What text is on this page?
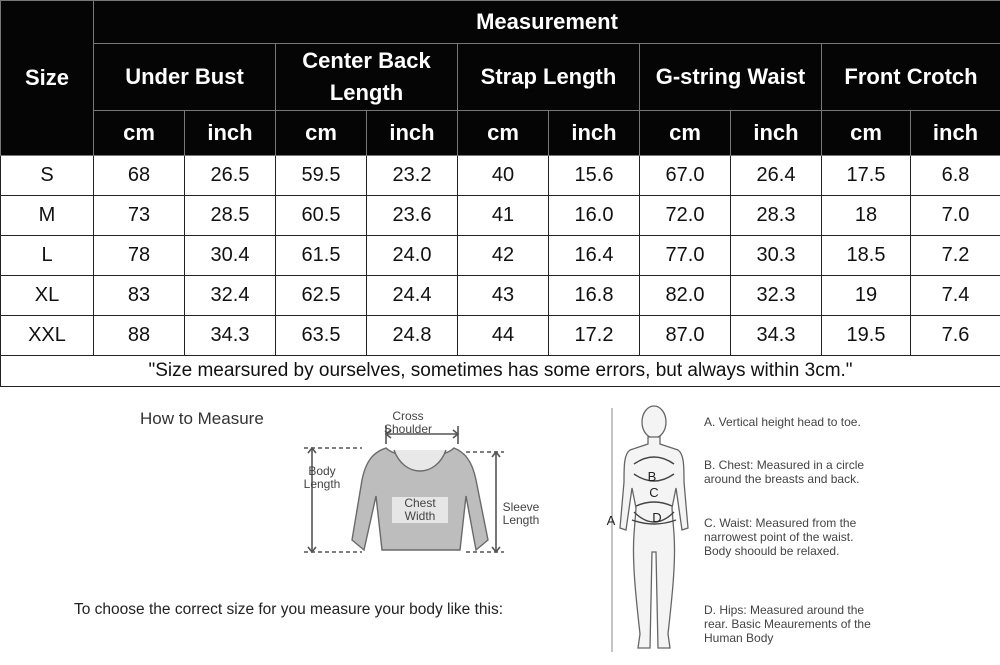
Size	Measurement									
	Under Bust		Center Back Length		Strap Length		G-string Waist		Front Crotch	
	cm	inch	cm	inch	cm	inch	cm	inch	cm	inch
S	68	26.5	59.5	23.2	40	15.6	67.0	26.4	17.5	6.8
M	73	28.5	60.5	23.6	41	16.0	72.0	28.3	18	7.0
L	78	30.4	61.5	24.0	42	16.4	77.0	30.3	18.5	7.2
XL	83	32.4	62.5	24.4	43	16.8	82.0	32.3	19	7.4
XXL	88	34.3	63.5	24.8	44	17.2	87.0	34.3	19.5	7.6
"Size mearsured by ourselves, sometimes has some errors, but always within 3cm."										
How to Measure	Cross Shoulder
Body Length
Chest Width
Sleeve Length
To choose the correct size for you measure your body like this:
B
C
D
A
A. Vertical height head to toe.
B. Chest: Measured in a circle around the breasts and back.
C. Waist: Measured from the narrowest point of the waist. Body shoould be relaxed.
D. Hips: Measured around the rear. Basic Meaurements of the Human Body
